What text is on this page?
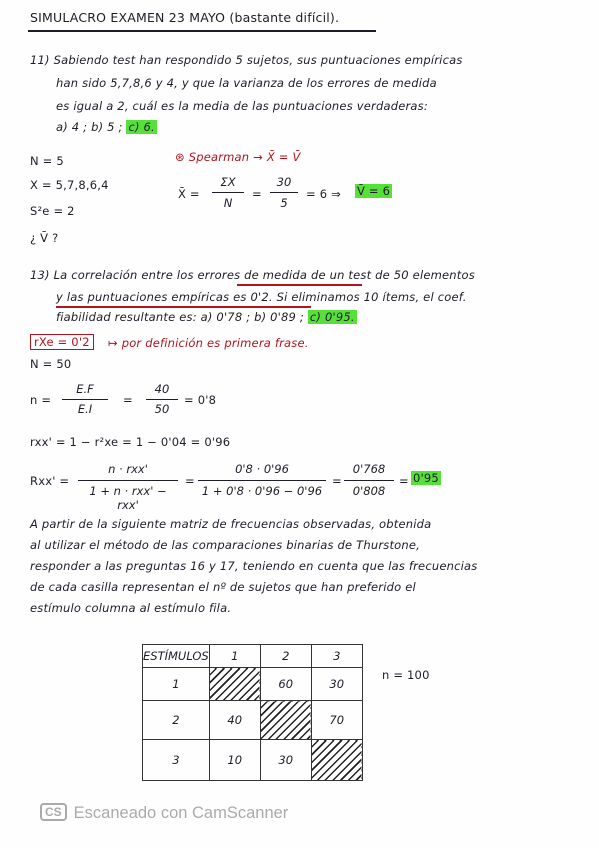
SIMULACRO EXAMEN 23 MAYO (bastante difícil).
11) Sabiendo test han respondido 5 sujetos, sus puntuaciones empíricas
han sido 5,7,8,6 y 4, y que la varianza de los errores de medida
es igual a 2, cuál es la media de las puntuaciones verdaderas:
a) 4 ; b) 5 ; c) 6.
N = 5
X = 5,7,8,6,4
S²e = 2
¿ V̄ ?
⊛ Spearman → X̄ = V̄
X̄ =
ΣX
N
=
30
5
= 6 ⇒ V̄ = 6
13) La correlación entre los errores de medida de un test de 50 elementos
y las puntuaciones empíricas es 0'2. Si eliminamos 10 ítems, el coef.
fiabilidad resultante es: a) 0'78 ; b) 0'89 ; c) 0'95.
rXe = 0'2	↦ por definición es primera frase.
N = 50
n =
E.F
E.I
=
40
50
= 0'8
rxx' = 1 − r²xe = 1 − 0'04 = 0'96
Rxx' =
n · rxx'
1 + n · rxx' − rxx'
=
0'8 · 0'96
1 + 0'8 · 0'96 − 0'96
=
0'768
0'808
= 0'95
A partir de la siguiente matriz de frecuencias observadas, obtenida
al utilizar el método de las comparaciones binarias de Thurstone,
responder a las preguntas 16 y 17, teniendo en cuenta que las frecuencias
de cada casilla representan el nº de sujetos que han preferido el
estímulo columna al estímulo fila.
ESTÍMULOS	1	2	3
1		60	30
2	40		70
3	10	30	
n = 100
CS Escaneado con CamScanner
